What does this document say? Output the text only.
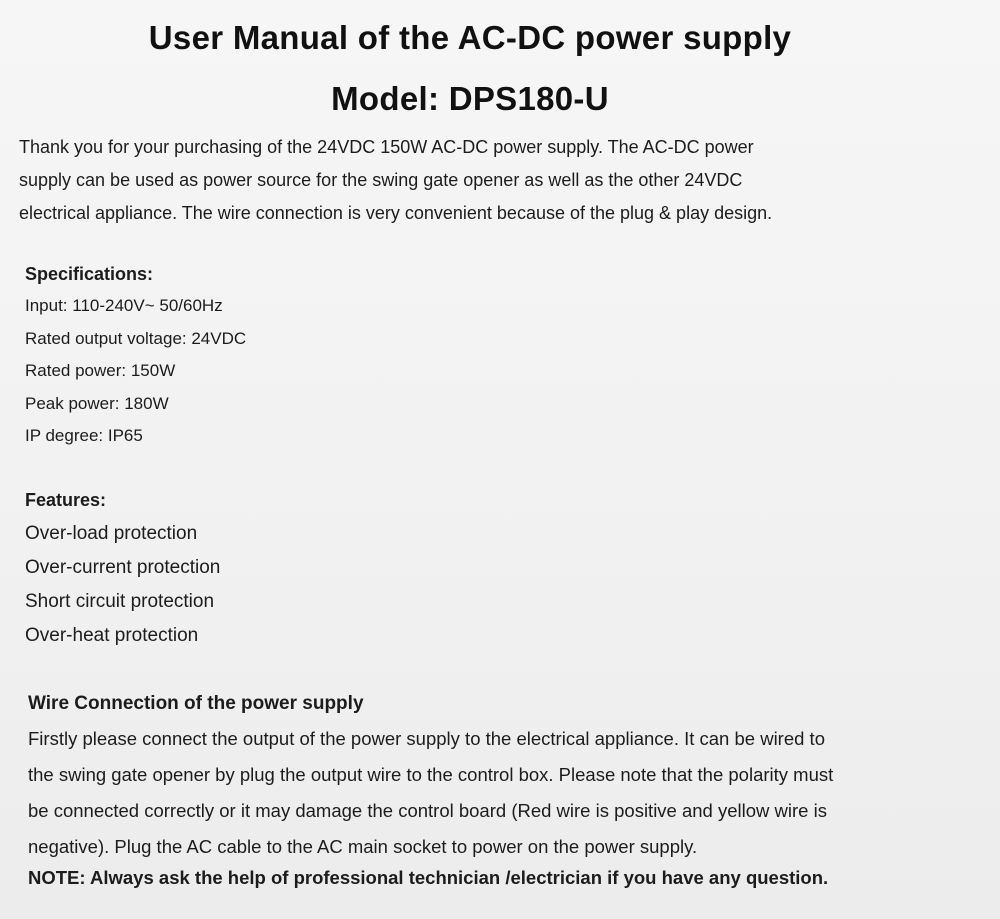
User Manual of the AC-DC power supply
Model: DPS180-U

Thank you for your purchasing of the 24VDC 150W AC-DC power supply. The AC-DC power
supply can be used as power source for the swing gate opener as well as the other 24VDC
electrical appliance. The wire connection is very convenient because of the plug & play design.

Specifications:
Input: 110-240V~ 50/60Hz
Rated output voltage: 24VDC
Rated power: 150W
Peak power: 180W
IP degree: IP65
Features:
Over-load protection
Over-current protection
Short circuit protection
Over-heat protection
Wire Connection of the power supply

Firstly please connect the output of the power supply to the electrical appliance. It can be wired to
the swing gate opener by plug the output wire to the control box. Please note that the polarity must
be connected correctly or it may damage the control board (Red wire is positive and yellow wire is
negative). Plug the AC cable to the AC main socket to power on the power supply.

NOTE: Always ask the help of professional technician /electrician if you have any question.
